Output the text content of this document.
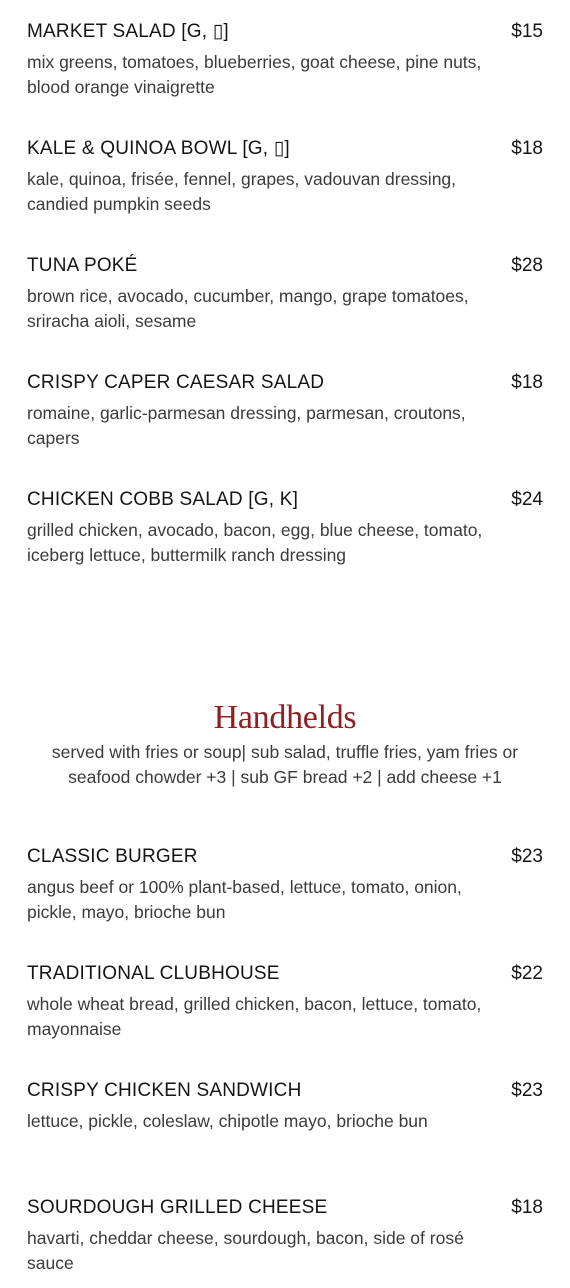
MARKET SALAD [G, ▯]	$15
mix greens, tomatoes, blueberries, goat cheese, pine nuts, blood orange vinaigrette
KALE & QUINOA BOWL [G, ▯]	$18
kale, quinoa, frisée, fennel, grapes, vadouvan dressing, candied pumpkin seeds
TUNA POKÉ	$28
brown rice, avocado, cucumber, mango, grape tomatoes, sriracha aioli, sesame
CRISPY CAPER CAESAR SALAD	$18
romaine, garlic-parmesan dressing, parmesan, croutons, capers
CHICKEN COBB SALAD [G, K]	$24
grilled chicken, avocado, bacon, egg, blue cheese, tomato, iceberg lettuce, buttermilk ranch dressing
Handhelds
served with fries or soup| sub salad, truffle fries, yam fries or seafood chowder +3 | sub GF bread +2 | add cheese +1
CLASSIC BURGER	$23
angus beef or 100% plant-based, lettuce, tomato, onion, pickle, mayo, brioche bun
TRADITIONAL CLUBHOUSE	$22
whole wheat bread, grilled chicken, bacon, lettuce, tomato, mayonnaise
CRISPY CHICKEN SANDWICH	$23
lettuce, pickle, coleslaw, chipotle mayo, brioche bun
SOURDOUGH GRILLED CHEESE	$18
havarti, cheddar cheese, sourdough, bacon, side of rosé sauce
